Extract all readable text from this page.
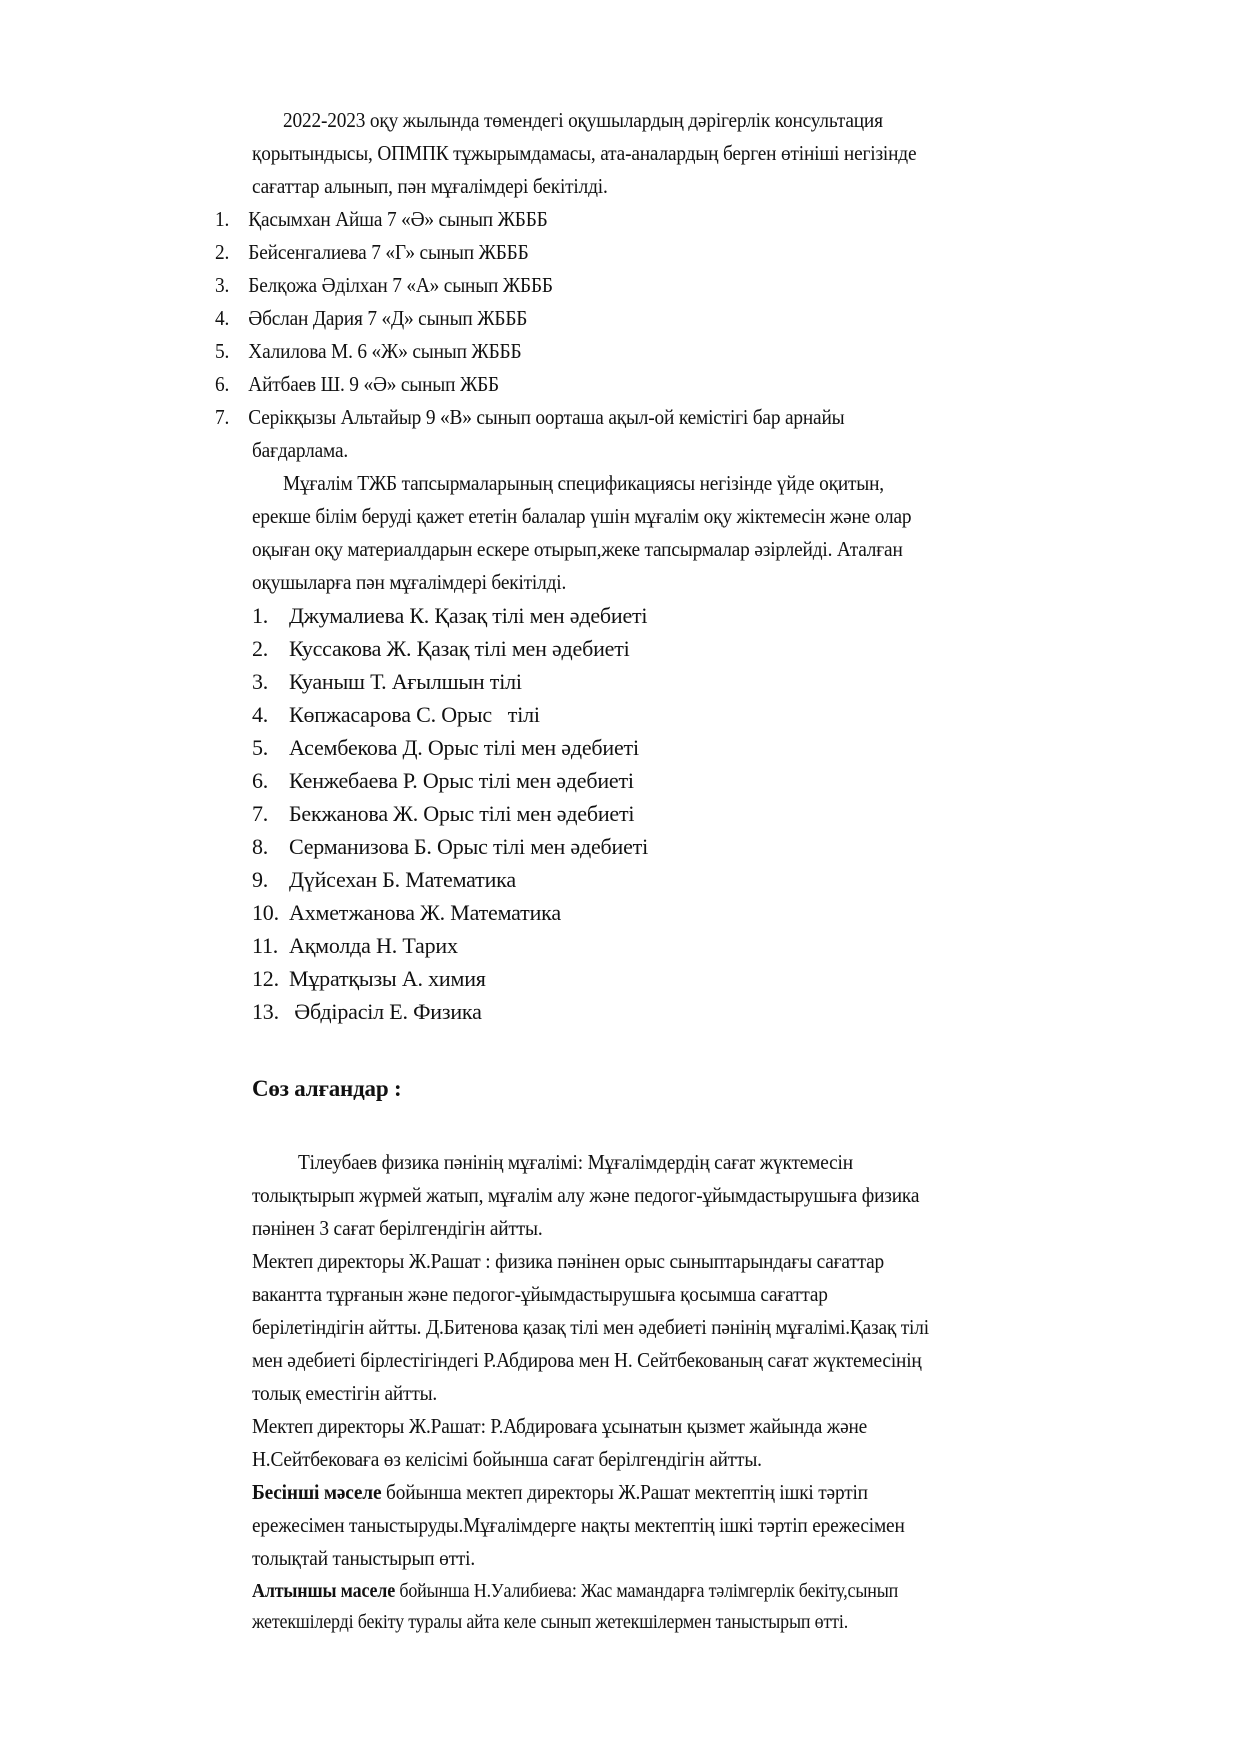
2022-2023 оқу жылында төмендегі оқушылардың дәрігерлік консультация
қорытындысы, ОПМПК тұжырымдамасы, ата-аналардың берген өтініші негізінде
сағаттар алынып, пән мұғалімдері бекітілді.
1. Қасымхан Айша 7 «Ә» сынып ЖБББ
2. Бейсенгалиева 7 «Г» сынып ЖБББ
3. Белқожа Әділхан 7 «А» сынып ЖБББ
4. Әбслан Дария 7 «Д» сынып ЖБББ
5. Халилова М. 6 «Ж» сынып ЖБББ
6. Айтбаев Ш. 9 «Ә» сынып ЖББ
7. Серікқызы Альтайыр 9 «В» сынып оорташа ақыл-ой кемістігі бар арнайы
бағдарлама.
Мұғалім ТЖБ тапсырмаларының спецификациясы негізінде үйде оқитын,
ерекше білім беруді қажет ететін балалар үшін мұғалім оқу жіктемесін және олар
оқыған оқу материалдарын ескере отырып,жеке тапсырмалар әзірлейді. Аталған
оқушыларға пән мұғалімдері бекітілді.
1. Джумалиева К. Қазақ тілі мен әдебиеті
2. Куссакова Ж. Қазақ тілі мен әдебиеті
3. Куаныш Т. Ағылшын тілі
4. Көпжасарова С. Орыс   тілі
5. Асембекова Д. Орыс тілі мен әдебиеті
6. Кенжебаева Р. Орыс тілі мен әдебиеті
7. Бекжанова Ж. Орыс тілі мен әдебиеті
8. Серманизова Б. Орыс тілі мен әдебиеті
9. Дүйсехан Б. Математика
10. Ахметжанова Ж. Математика
11. Ақмолда Н. Тарих
12. Мұратқызы А. химия
13. Әбдірасіл Е. Физика
Сөз алғандар :
Тілеубаев физика пәнінің мұғалімі: Мұғалімдердің сағат жүктемесін
толықтырып жүрмей жатып, мұғалім алу және педогог-ұйымдастырушыға физика
пәнінен 3 сағат берілгендігін айтты.
Мектеп директоры Ж.Рашат : физика пәнінен орыс сыныптарындағы сағаттар
вакантта тұрғанын және педогог-ұйымдастырушыға қосымша сағаттар
берілетіндігін айтты. Д.Битенова қазақ тілі мен әдебиеті пәнінің мұғалімі.Қазақ тілі
мен әдебиеті бірлестігіндегі Р.Абдирова мен Н. Сейтбекованың сағат жүктемесінің
толық еместігін айтты.
Мектеп директоры Ж.Рашат: Р.Абдироваға ұсынатын қызмет жайында және
Н.Сейтбековаға өз келісімі бойынша сағат берілгендігін айтты.
Бесінші мәселе бойынша мектеп директоры Ж.Рашат мектептің ішкі тәртіп
ережесімен таныстыруды.Мұғалімдерге нақты мектептің ішкі тәртіп ережесімен
толықтай таныстырып өтті.
Алтыншы маселе бойынша Н.Уалибиева: Жас мамандарға тәлімгерлік бекіту,сынып
жетекшілерді бекіту туралы айта келе сынып жетекшілермен таныстырып өтті.
